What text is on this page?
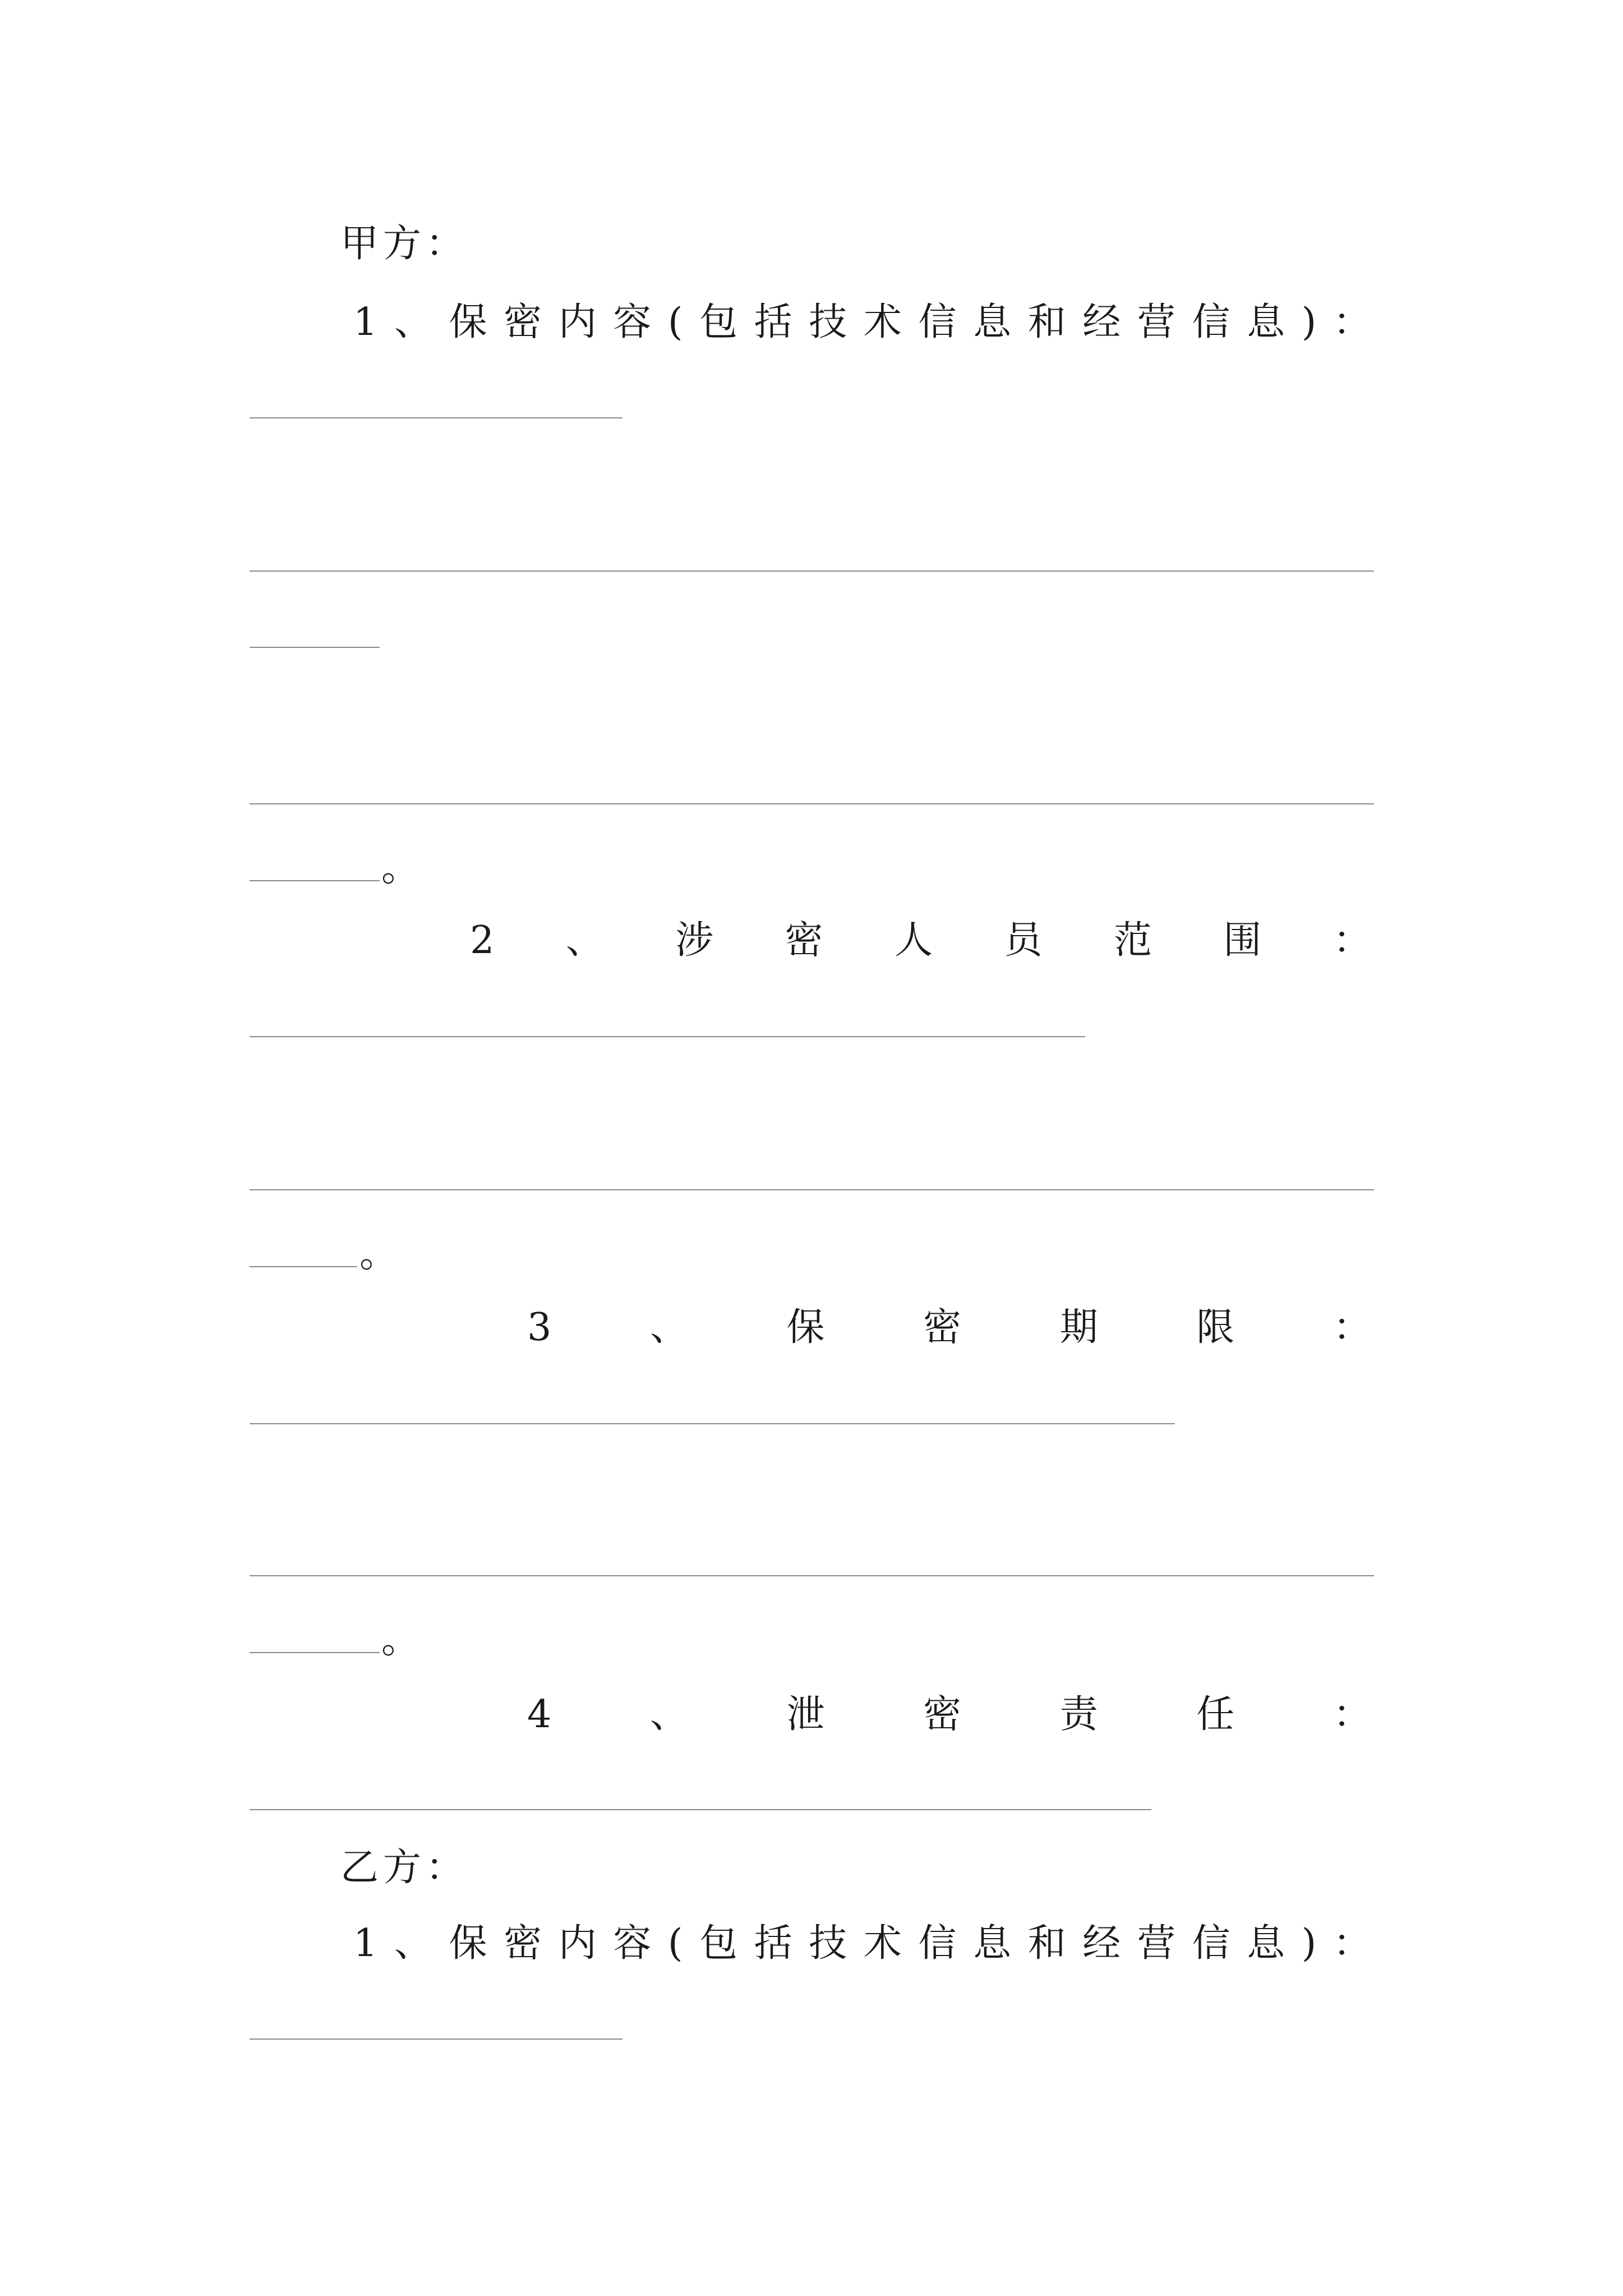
甲方：
1 、 保 密 内 容 ( 包 括 技 术 信 息 和 经 营 信 息 ) ：
。
2 、 涉 密 人 员 范 围 ：
。
3	、	保	密	期	限	：
。
4	、	泄	密	责	任	：
乙方：
1 、 保 密 内 容 ( 包 括 技 术 信 息 和 经 营 信 息 ) ：
